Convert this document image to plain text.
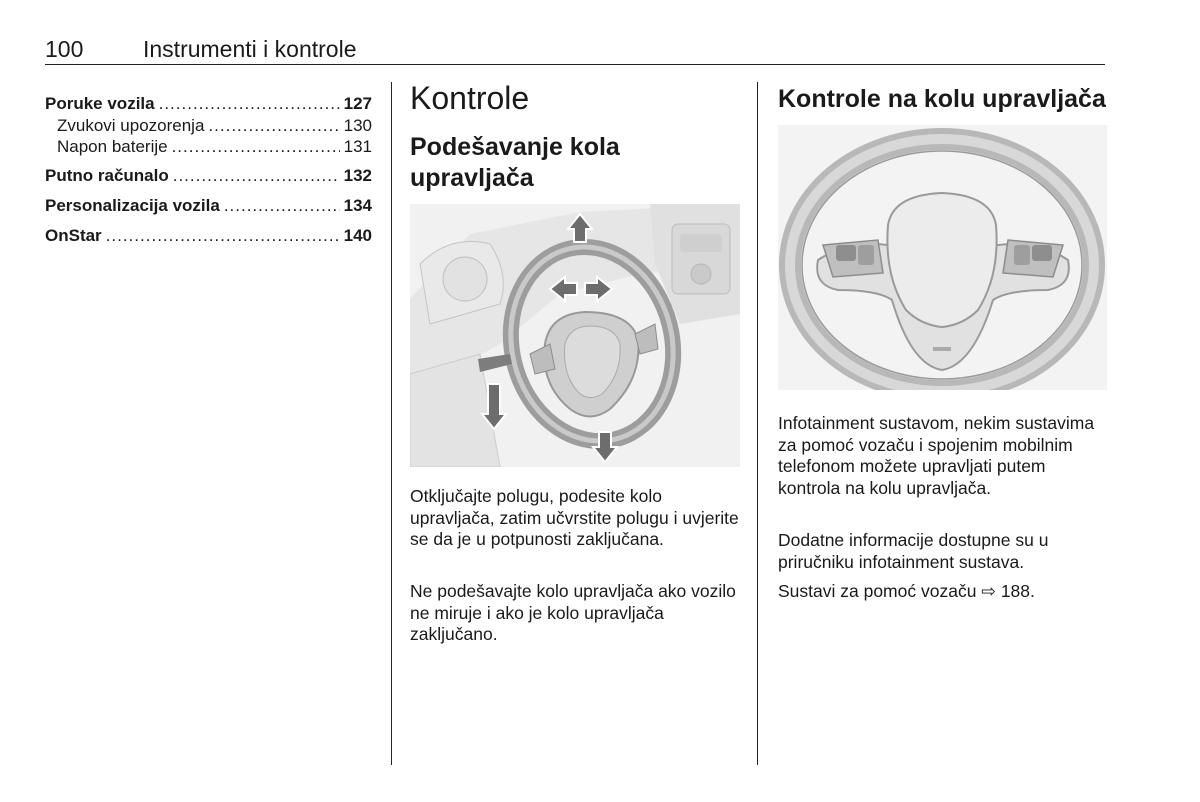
100	Instrumenti i kontrole
Poruke vozila .....	127
Zvukovi upozorenja .....	130
Napon baterije .....	131
Putno računalo .....	132
Personalizacija vozila .....	134
OnStar .....	140
Kontrole
Podešavanje kola upravljača

Otključajte polugu, podesite kolo upravljača, zatim učvrstite polugu i uvjerite se da je u potpunosti zaključana.

Ne podešavajte kolo upravljača ako vozilo ne miruje i ako je kolo upravljača zaključano.

Kontrole na kolu upravljača

Infotainment sustavom, nekim sustavima za pomoć vozaču i spojenim mobilnim telefonom možete upravljati putem kontrola na kolu upravljača.

Dodatne informacije dostupne su u priručniku infotainment sustava.

Sustavi za pomoć vozaču ⇨ 188.
